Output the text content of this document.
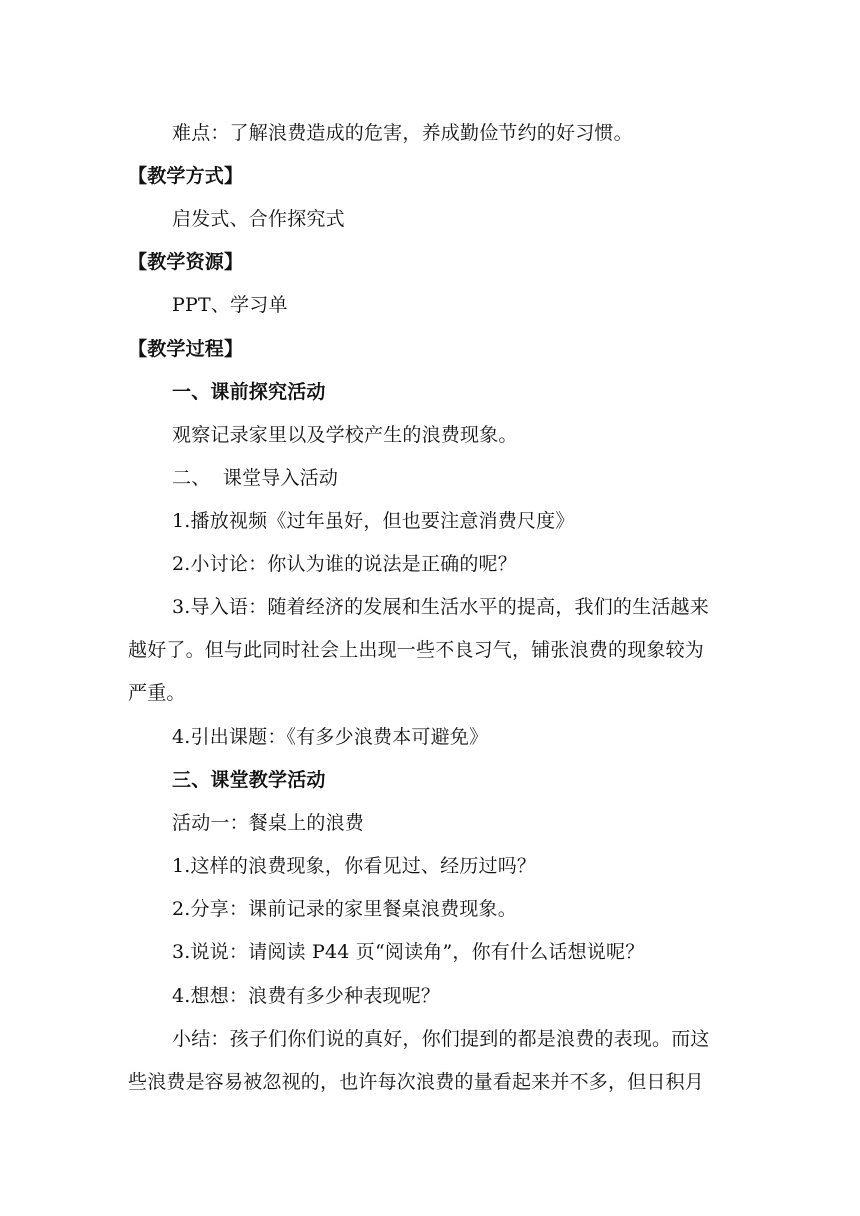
难点：了解浪费造成的危害，养成勤俭节约的好习惯。
【教学方式】
启发式、合作探究式
【教学资源】
PPT、学习单
【教学过程】
一、课前探究活动
观察记录家里以及学校产生的浪费现象。
二、  课堂导入活动
1.播放视频《过年虽好，但也要注意消费尺度》
2.小讨论：你认为谁的说法是正确的呢？
3.导入语：随着经济的发展和生活水平的提高，我们的生活越来
越好了。但与此同时社会上出现一些不良习气，铺张浪费的现象较为
严重。
4.引出课题：《有多少浪费本可避免》
三、课堂教学活动
活动一：餐桌上的浪费
1.这样的浪费现象，你看见过、经历过吗？
2.分享：课前记录的家里餐桌浪费现象。
3.说说：请阅读 P44 页“阅读角”，你有什么话想说呢？
4.想想：浪费有多少种表现呢？
小结：孩子们你们说的真好，你们提到的都是浪费的表现。而这
些浪费是容易被忽视的，也许每次浪费的量看起来并不多，但日积月
